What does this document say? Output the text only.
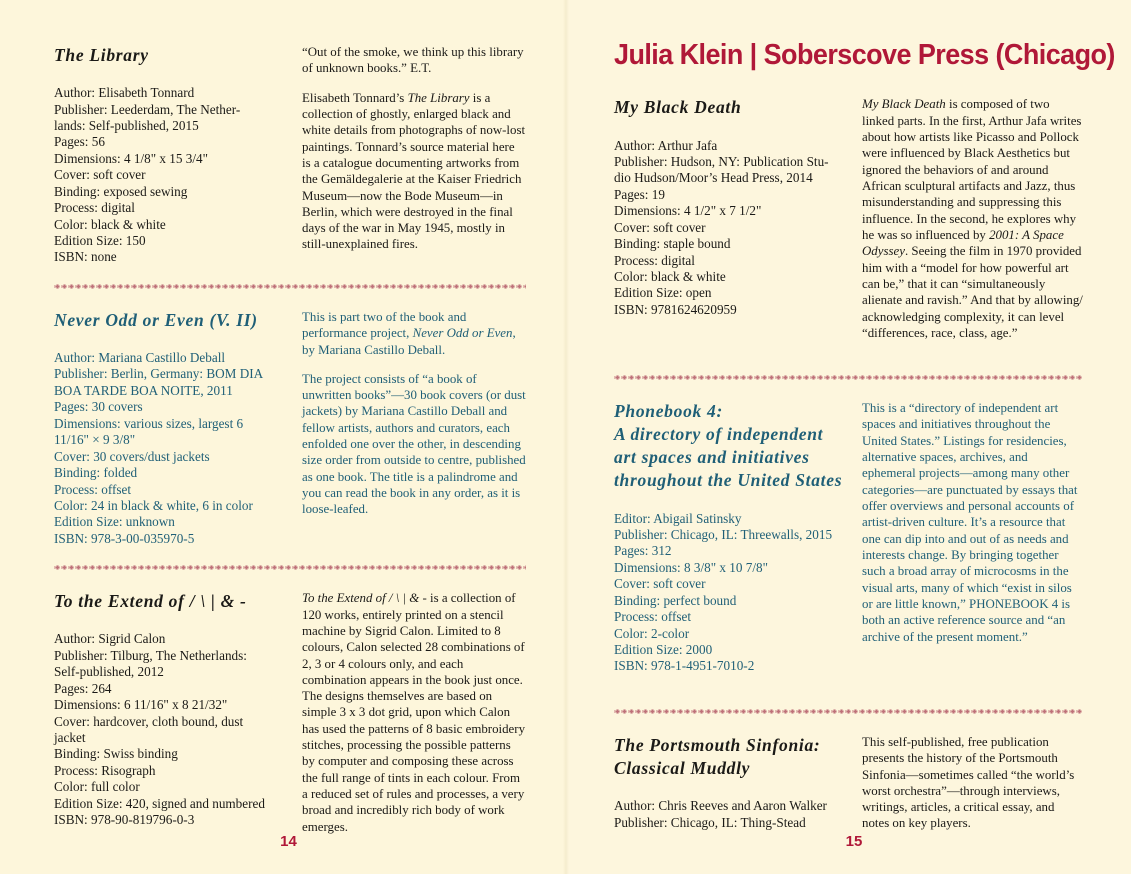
The Library
Author: Elisabeth Tonnard
Publisher: Leederdam, The Nether-
lands: Self-published, 2015
Pages: 56
Dimensions: 4 1/8" x 15 3/4"
Cover: soft cover
Binding: exposed sewing
Process: digital
Color: black & white
Edition Size: 150
ISBN: none

“Out of the smoke, we think up this library of unknown books.” E.T.

Elisabeth Tonnard’s The Library is a collection of ghostly, enlarged black and white details from photographs of now-lost paintings. Tonnard’s source material here is a catalogue documenting artworks from the Gemäldegalerie at the Kaiser Friedrich Museum—now the Bode Museum—in Berlin, which were destroyed in the final days of the war in May 1945, mostly in still-unexplained fires.

Never Odd or Even (V. II)
Author: Mariana Castillo Deball
Publisher: Berlin, Germany: BOM DIA
BOA TARDE BOA NOITE, 2011
Pages: 30 covers
Dimensions: various sizes, largest 6
11/16" × 9 3/8"
Cover: 30 covers/dust jackets
Binding: folded
Process: offset
Color: 24 in black & white, 6 in color
Edition Size: unknown
ISBN: 978-3-00-035970-5

This is part two of the book and performance project, Never Odd or Even, by Mariana Castillo Deball.

The project consists of “a book of unwritten books”—30 book covers (or dust jackets) by Mariana Castillo Deball and fellow artists, authors and curators, each enfolded one over the other, in descending size order from outside to centre, published as one book. The title is a palindrome and you can read the book in any order, as it is loose-leafed.

To the Extend of / \ | & -
Author: Sigrid Calon
Publisher: Tilburg, The Netherlands:
Self-published, 2012
Pages: 264
Dimensions: 6 11/16" x 8 21/32"
Cover: hardcover, cloth bound, dust
jacket
Binding: Swiss binding
Process: Risograph
Color: full color
Edition Size: 420, signed and numbered
ISBN: 978-90-819796-0-3

To the Extend of / \ | & - is a collection of 120 works, entirely printed on a stencil machine by Sigrid Calon. Limited to 8 colours, Calon selected 28 combinations of 2, 3 or 4 colours only, and each combination appears in the book just once. The designs themselves are based on simple 3 x 3 dot grid, upon which Calon has used the patterns of 8 basic embroidery stitches, processing the possible patterns by computer and composing these across the full range of tints in each colour. From a reduced set of rules and processes, a very broad and incredibly rich body of work emerges.

Julia Klein | Soberscove Press (Chicago)
My Black Death
Author: Arthur Jafa
Publisher: Hudson, NY: Publication Stu-
dio Hudson/Moor’s Head Press, 2014
Pages: 19
Dimensions: 4 1/2" x 7 1/2"
Cover: soft cover
Binding: staple bound
Process: digital
Color: black & white
Edition Size: open
ISBN: 9781624620959

My Black Death is composed of two linked parts. In the first, Arthur Jafa writes about how artists like Picasso and Pollock were influenced by Black Aesthetics but ignored the behaviors of and around African sculptural artifacts and Jazz, thus misunderstanding and suppressing this influence. In the second, he explores why he was so influenced by 2001: A Space Odyssey. Seeing the film in 1970 provided him with a “model for how powerful art can be,” that it can “simultaneously alienate and ravish.” And that by allowing/ acknowledging complexity, it can level “differences, race, class, age.”

Phonebook 4:
A directory of independent art spaces and initiatives throughout the United States
Editor: Abigail Satinsky
Publisher: Chicago, IL: Threewalls, 2015
Pages: 312
Dimensions: 8 3/8" x 10 7/8"
Cover: soft cover
Binding: perfect bound
Process: offset
Color: 2-color
Edition Size: 2000
ISBN: 978-1-4951-7010-2

This is a “directory of independent art spaces and initiatives throughout the United States.” Listings for residencies, alternative spaces, archives, and ephemeral projects—among many other categories—are punctuated by essays that offer overviews and personal accounts of artist-driven culture. It’s a resource that one can dip into and out of as needs and interests change. By bringing together such a broad array of microcosms in the visual arts, many of which “exist in silos or are little known,” PHONEBOOK 4 is both an active reference source and “an archive of the present moment.”

The Portsmouth Sinfonia:
Classical Muddly
Author: Chris Reeves and Aaron Walker
Publisher: Chicago, IL: Thing-Stead

This self-published, free publication presents the history of the Portsmouth Sinfonia—sometimes called “the world’s worst orchestra”—through interviews, writings, articles, a critical essay, and notes on key players.

14	15
